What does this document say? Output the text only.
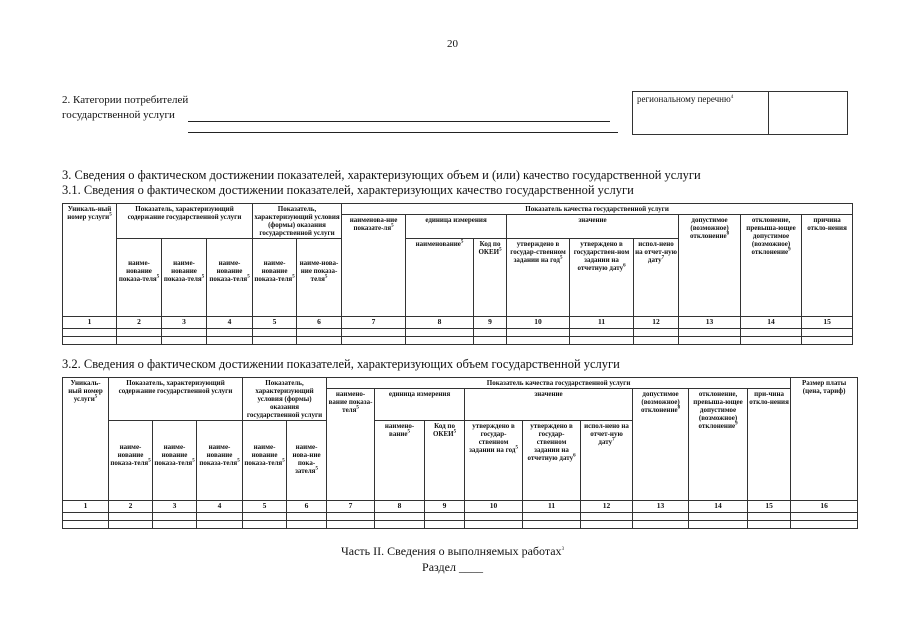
20
2. Категории потребителей
государственной услуги
региональному перечню$^4$
3. Сведения о фактическом достижении показателей, характеризующих объем и (или) качество государственной услуги
3.1. Сведения о фактическом достижении показателей, характеризующих качество государственной услуги
Уникаль-ный номер услуги$^5$	Показатель, характеризующий содержание государственной услуги			Показатель, характеризующий условия (формы) оказания государственной услуги		Показатель качества государственной услуги								
						наименова-ние показате-$ля^5$	единица измерения		значение			допустимое (возможное) отклонение$^8$	отклонение, превыша-ющее допустимое (возможное) отклонение$^9$	причина откло-нения
	наиме-нование показа-теля$^5$	наиме-нование показа-теля$^5$	наиме-нование показа-теля$^5$	наиме-нование показа-теля$^5$	наиме-нова-ние показа-теля$^5$		наименование$^5$	Код по ОКЕИ$^5$	утверждено в государ-ственном задании на год$^5$	утверждено в государствен-ном задании на отчетную дату$^6$	испол-нено на отчет-ную дату$^7$
1	2	3	4	5	6	7	8	9	10	11	12	13	14	15

3.2. Сведения о фактическом достижении показателей, характеризующих объем государственной услуги
Уникаль-ный номер услуги$^5$	Показатель, характеризующий содержание государственной услуги			Показатель, характеризующий условия (формы) оказания государственной услуги		Показатель качества государственной услуги									Размер платы (цена, тариф)
						наимено-вание показа-теля$^5$	единица измерения		значение			допустимое (возможное) отклонение$^8$	отклонение, превыша-ющее допустимое (возможное) отклонение$^9$	при-чина откло-нения	
	наиме-нование показа-теля$^5$	наиме-нование показа-теля$^5$	наиме-нование показа-теля$^5$	наиме-нование показа-теля$^5$	наиме-нова-ние пока-зателя$^5$		наимено-вание$^5$	Код по ОКЕИ$^5$	утверждено в государ-ственном задании на год$^5$	утверждено в государ-ственном задании на отчетную дату$^6$	испол-нено на отчет-ную дату$^7$
1	2	3	4	5	6	7	8	9	10	11	12	13	14	15	16

Часть II. Сведения о выполняемых работах$^3$
Раздел ____
